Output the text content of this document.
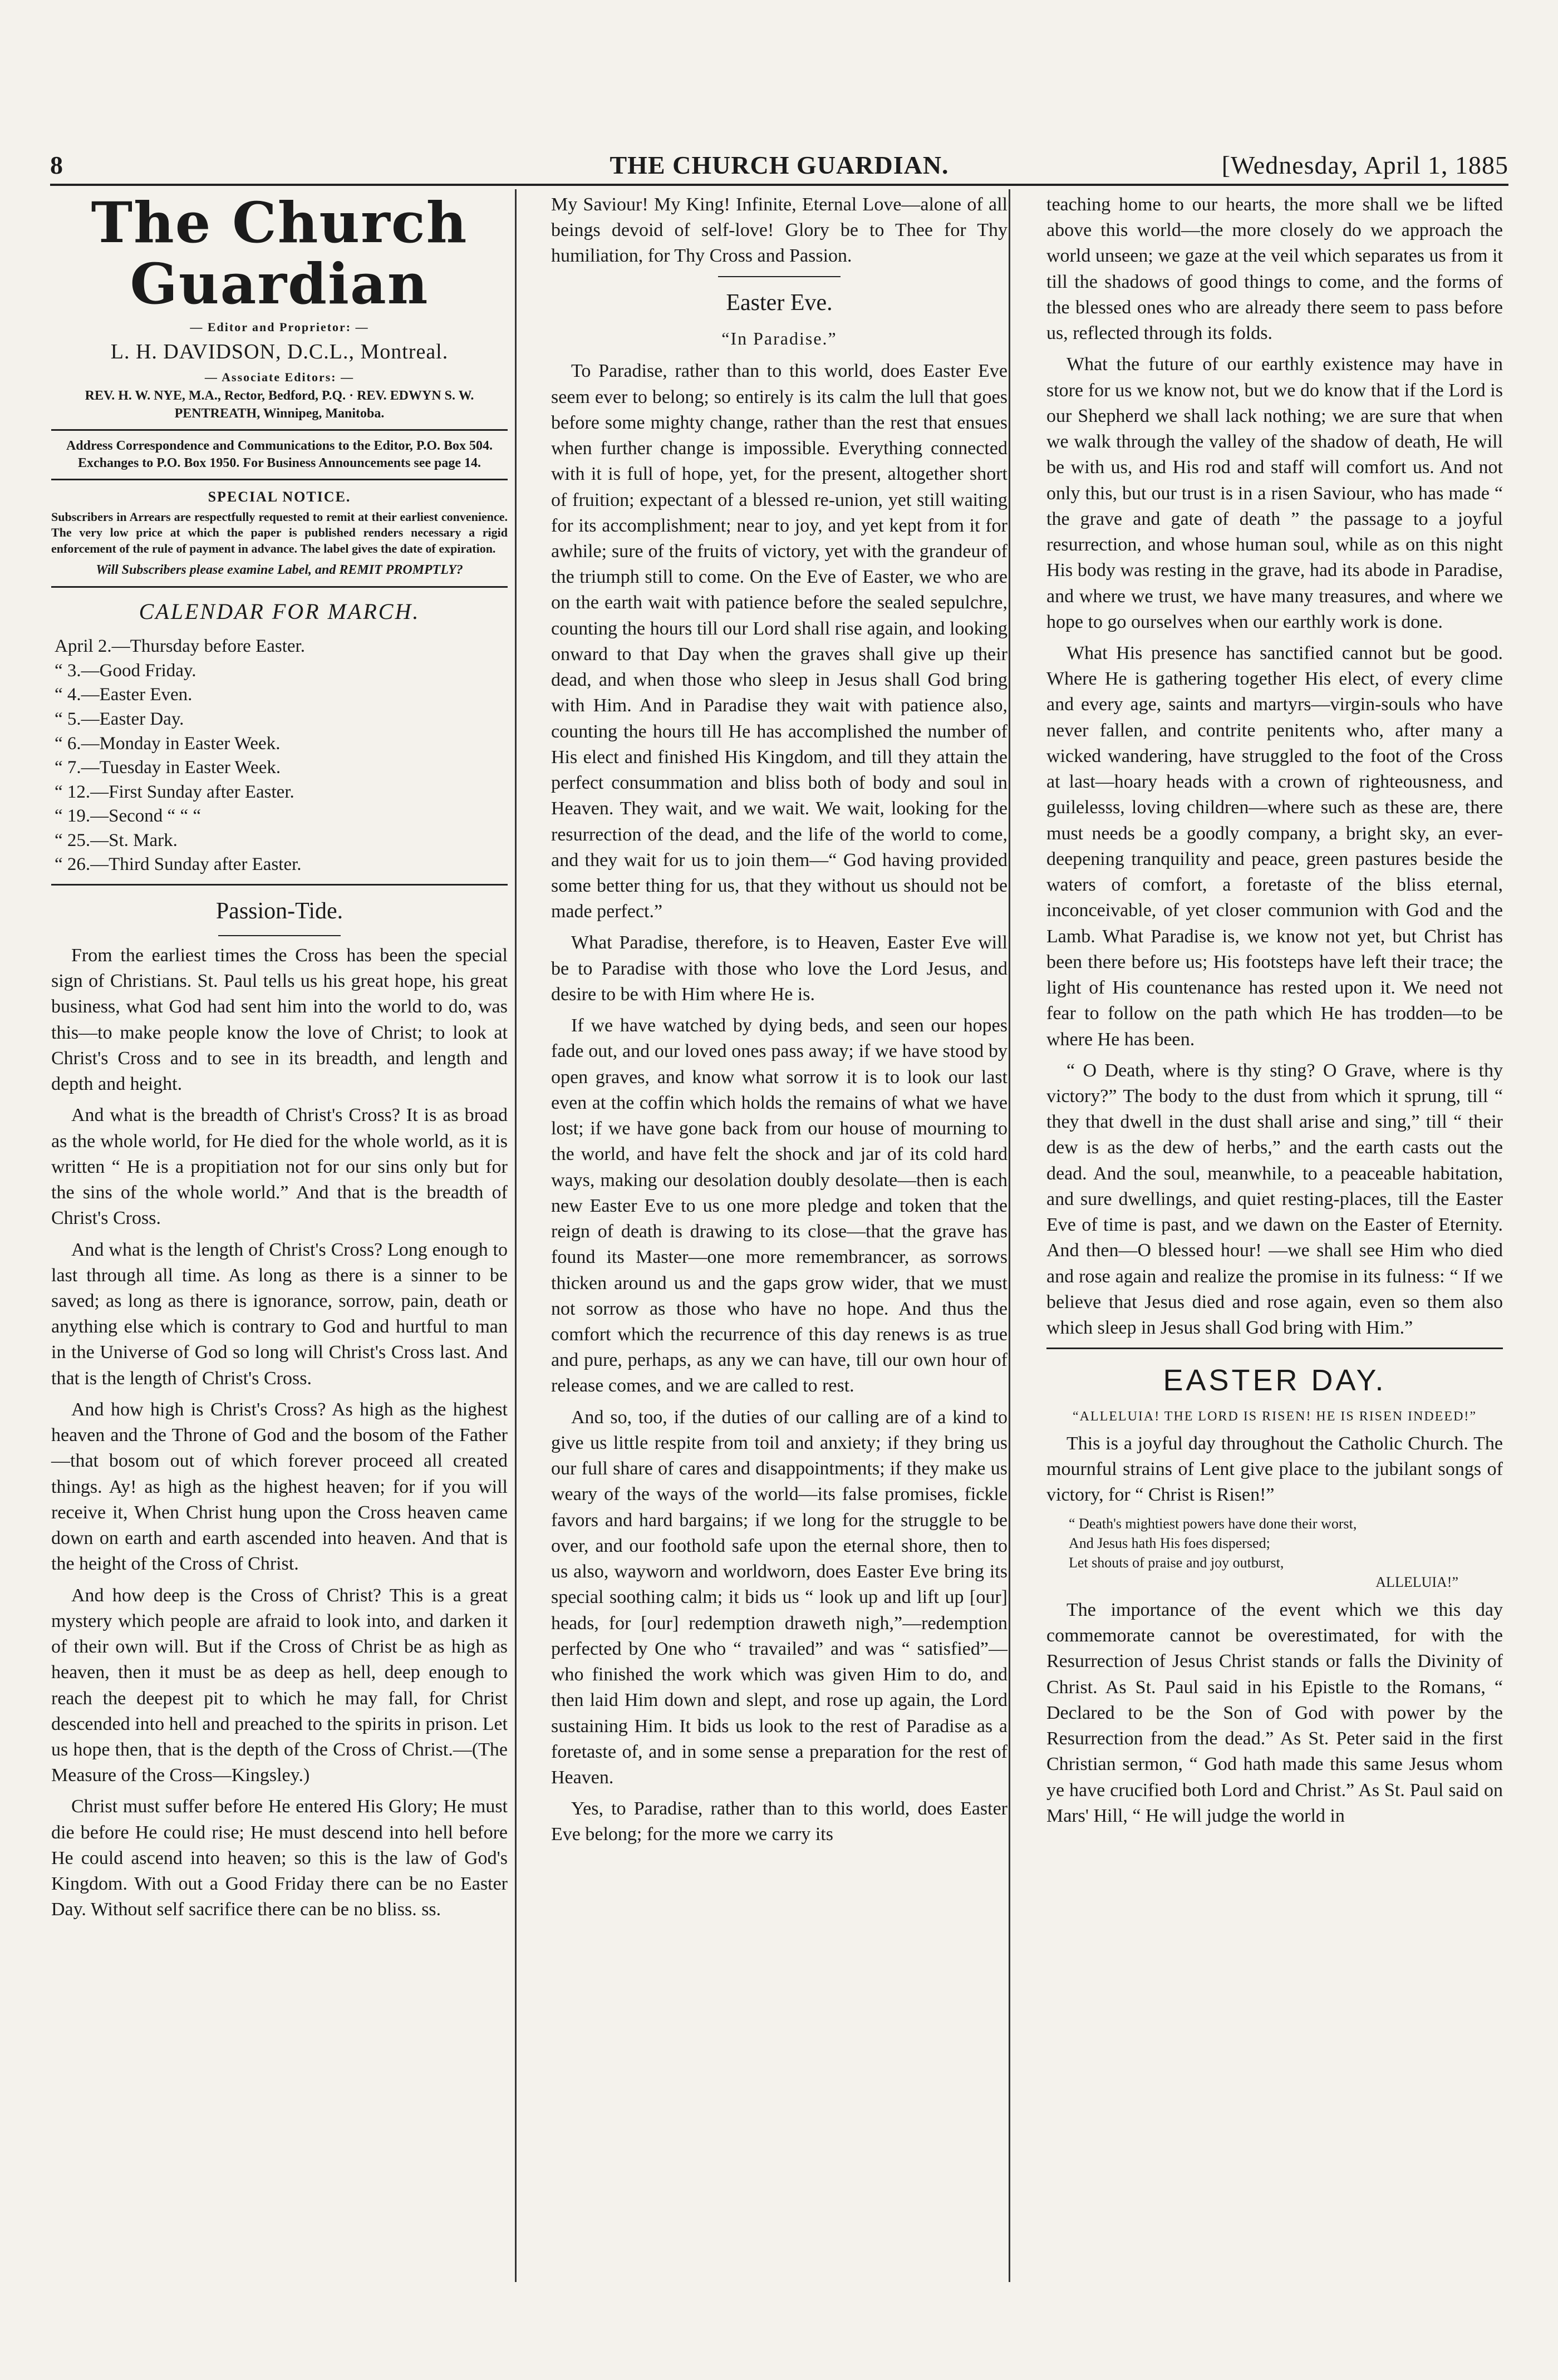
8	THE CHURCH GUARDIAN.	[Wednesday, April 1, 1885
The Church Guardian
— Editor and Proprietor: —
L. H. DAVIDSON, D.C.L., Montreal.
— Associate Editors: —
REV. H. W. NYE, M.A., Rector, Bedford, P.Q. · REV. EDWYN S. W. PENTREATH, Winnipeg, Manitoba.
Address Correspondence and Communications to the Editor, P.O. Box 504. Exchanges to P.O. Box 1950. For Business Announcements see page 14.
SPECIAL NOTICE.
Subscribers in Arrears are respectfully requested to remit at their earliest convenience. The very low price at which the paper is published renders necessary a rigid enforcement of the rule of payment in advance. The label gives the date of expiration.
Will Subscribers please examine Label, and REMIT PROMPTLY?
CALENDAR FOR MARCH.
April 2.—Thursday before Easter.
“ 3.—Good Friday.
“ 4.—Easter Even.
“ 5.—Easter Day.
“ 6.—Monday in Easter Week.
“ 7.—Tuesday in Easter Week.
“ 12.—First Sunday after Easter.
“ 19.—Second “ “ “
“ 25.—St. Mark.
“ 26.—Third Sunday after Easter.
Passion-Tide.

From the earliest times the Cross has been the special sign of Christians. St. Paul tells us his great hope, his great business, what God had sent him into the world to do, was this—to make people know the love of Christ; to look at Christ's Cross and to see in its breadth, and length and depth and height.

And what is the breadth of Christ's Cross? It is as broad as the whole world, for He died for the whole world, as it is written “ He is a propitiation not for our sins only but for the sins of the whole world.” And that is the breadth of Christ's Cross.

And what is the length of Christ's Cross? Long enough to last through all time. As long as there is a sinner to be saved; as long as there is ignorance, sorrow, pain, death or anything else which is contrary to God and hurtful to man in the Universe of God so long will Christ's Cross last. And that is the length of Christ's Cross.

And how high is Christ's Cross? As high as the highest heaven and the Throne of God and the bosom of the Father—that bosom out of which forever proceed all created things. Ay! as high as the highest heaven; for if you will receive it, When Christ hung upon the Cross heaven came down on earth and earth ascended into heaven. And that is the height of the Cross of Christ.

And how deep is the Cross of Christ? This is a great mystery which people are afraid to look into, and darken it of their own will. But if the Cross of Christ be as high as heaven, then it must be as deep as hell, deep enough to reach the deepest pit to which he may fall, for Christ descended into hell and preached to the spirits in prison. Let us hope then, that is the depth of the Cross of Christ.—(The Measure of the Cross—Kingsley.)

Christ must suffer before He entered His Glory; He must die before He could rise; He must descend into hell before He could ascend into heaven; so this is the law of God's Kingdom. With out a Good Friday there can be no Easter Day. Without self sacrifice there can be no bliss. ss.

My Saviour! My King! Infinite, Eternal Love—alone of all beings devoid of self-love! Glory be to Thee for Thy humiliation, for Thy Cross and Passion.

Easter Eve.
“In Paradise.”

To Paradise, rather than to this world, does Easter Eve seem ever to belong; so entirely is its calm the lull that goes before some mighty change, rather than the rest that ensues when further change is impossible. Everything connected with it is full of hope, yet, for the present, altogether short of fruition; expectant of a blessed re-union, yet still waiting for its accomplishment; near to joy, and yet kept from it for awhile; sure of the fruits of victory, yet with the grandeur of the triumph still to come. On the Eve of Easter, we who are on the earth wait with patience before the sealed sepulchre, counting the hours till our Lord shall rise again, and looking onward to that Day when the graves shall give up their dead, and when those who sleep in Jesus shall God bring with Him. And in Paradise they wait with patience also, counting the hours till He has accomplished the number of His elect and finished His Kingdom, and till they attain the perfect consummation and bliss both of body and soul in Heaven. They wait, and we wait. We wait, looking for the resurrection of the dead, and the life of the world to come, and they wait for us to join them—“ God having provided some better thing for us, that they without us should not be made perfect.”

What Paradise, therefore, is to Heaven, Easter Eve will be to Paradise with those who love the Lord Jesus, and desire to be with Him where He is.

If we have watched by dying beds, and seen our hopes fade out, and our loved ones pass away; if we have stood by open graves, and know what sorrow it is to look our last even at the coffin which holds the remains of what we have lost; if we have gone back from our house of mourning to the world, and have felt the shock and jar of its cold hard ways, making our desolation doubly desolate—then is each new Easter Eve to us one more pledge and token that the reign of death is drawing to its close—that the grave has found its Master—one more remembrancer, as sorrows thicken around us and the gaps grow wider, that we must not sorrow as those who have no hope. And thus the comfort which the recurrence of this day renews is as true and pure, perhaps, as any we can have, till our own hour of release comes, and we are called to rest.

And so, too, if the duties of our calling are of a kind to give us little respite from toil and anxiety; if they bring us our full share of cares and disappointments; if they make us weary of the ways of the world—its false promises, fickle favors and hard bargains; if we long for the struggle to be over, and our foothold safe upon the eternal shore, then to us also, wayworn and worldworn, does Easter Eve bring its special soothing calm; it bids us “ look up and lift up [our] heads, for [our] redemption draweth nigh,”—redemption perfected by One who “ travailed” and was “ satisfied”—who finished the work which was given Him to do, and then laid Him down and slept, and rose up again, the Lord sustaining Him. It bids us look to the rest of Paradise as a foretaste of, and in some sense a preparation for the rest of Heaven.

Yes, to Paradise, rather than to this world, does Easter Eve belong; for the more we carry its

teaching home to our hearts, the more shall we be lifted above this world—the more closely do we approach the world unseen; we gaze at the veil which separates us from it till the shadows of good things to come, and the forms of the blessed ones who are already there seem to pass before us, reflected through its folds.

What the future of our earthly existence may have in store for us we know not, but we do know that if the Lord is our Shepherd we shall lack nothing; we are sure that when we walk through the valley of the shadow of death, He will be with us, and His rod and staff will comfort us. And not only this, but our trust is in a risen Saviour, who has made “ the grave and gate of death ” the passage to a joyful resurrection, and whose human soul, while as on this night His body was resting in the grave, had its abode in Paradise, and where we trust, we have many treasures, and where we hope to go ourselves when our earthly work is done.

What His presence has sanctified cannot but be good. Where He is gathering together His elect, of every clime and every age, saints and martyrs—virgin-souls who have never fallen, and contrite penitents who, after many a wicked wandering, have struggled to the foot of the Cross at last—hoary heads with a crown of righteousness, and guilelesss, loving children—where such as these are, there must needs be a goodly company, a bright sky, an ever-deepening tranquility and peace, green pastures beside the waters of comfort, a foretaste of the bliss eternal, inconceivable, of yet closer communion with God and the Lamb. What Paradise is, we know not yet, but Christ has been there before us; His footsteps have left their trace; the light of His countenance has rested upon it. We need not fear to follow on the path which He has trodden—to be where He has been.

“ O Death, where is thy sting? O Grave, where is thy victory?” The body to the dust from which it sprung, till “ they that dwell in the dust shall arise and sing,” till “ their dew is as the dew of herbs,” and the earth casts out the dead. And the soul, meanwhile, to a peaceable habitation, and sure dwellings, and quiet resting-places, till the Easter Eve of time is past, and we dawn on the Easter of Eternity. And then—O blessed hour! —we shall see Him who died and rose again and realize the promise in its fulness: “ If we believe that Jesus died and rose again, even so them also which sleep in Jesus shall God bring with Him.”

EASTER DAY.
“ALLELUIA! THE LORD IS RISEN! HE IS RISEN INDEED!”

This is a joyful day throughout the Catholic Church. The mournful strains of Lent give place to the jubilant songs of victory, for “ Christ is Risen!”

“ Death's mightiest powers have done their worst,
And Jesus hath His foes dispersed;
Let shouts of praise and joy outburst,
ALLELUIA!”

The importance of the event which we this day commemorate cannot be overestimated, for with the Resurrection of Jesus Christ stands or falls the Divinity of Christ. As St. Paul said in his Epistle to the Romans, “ Declared to be the Son of God with power by the Resurrection from the dead.” As St. Peter said in the first Christian sermon, “ God hath made this same Jesus whom ye have crucified both Lord and Christ.” As St. Paul said on Mars' Hill, “ He will judge the world in
